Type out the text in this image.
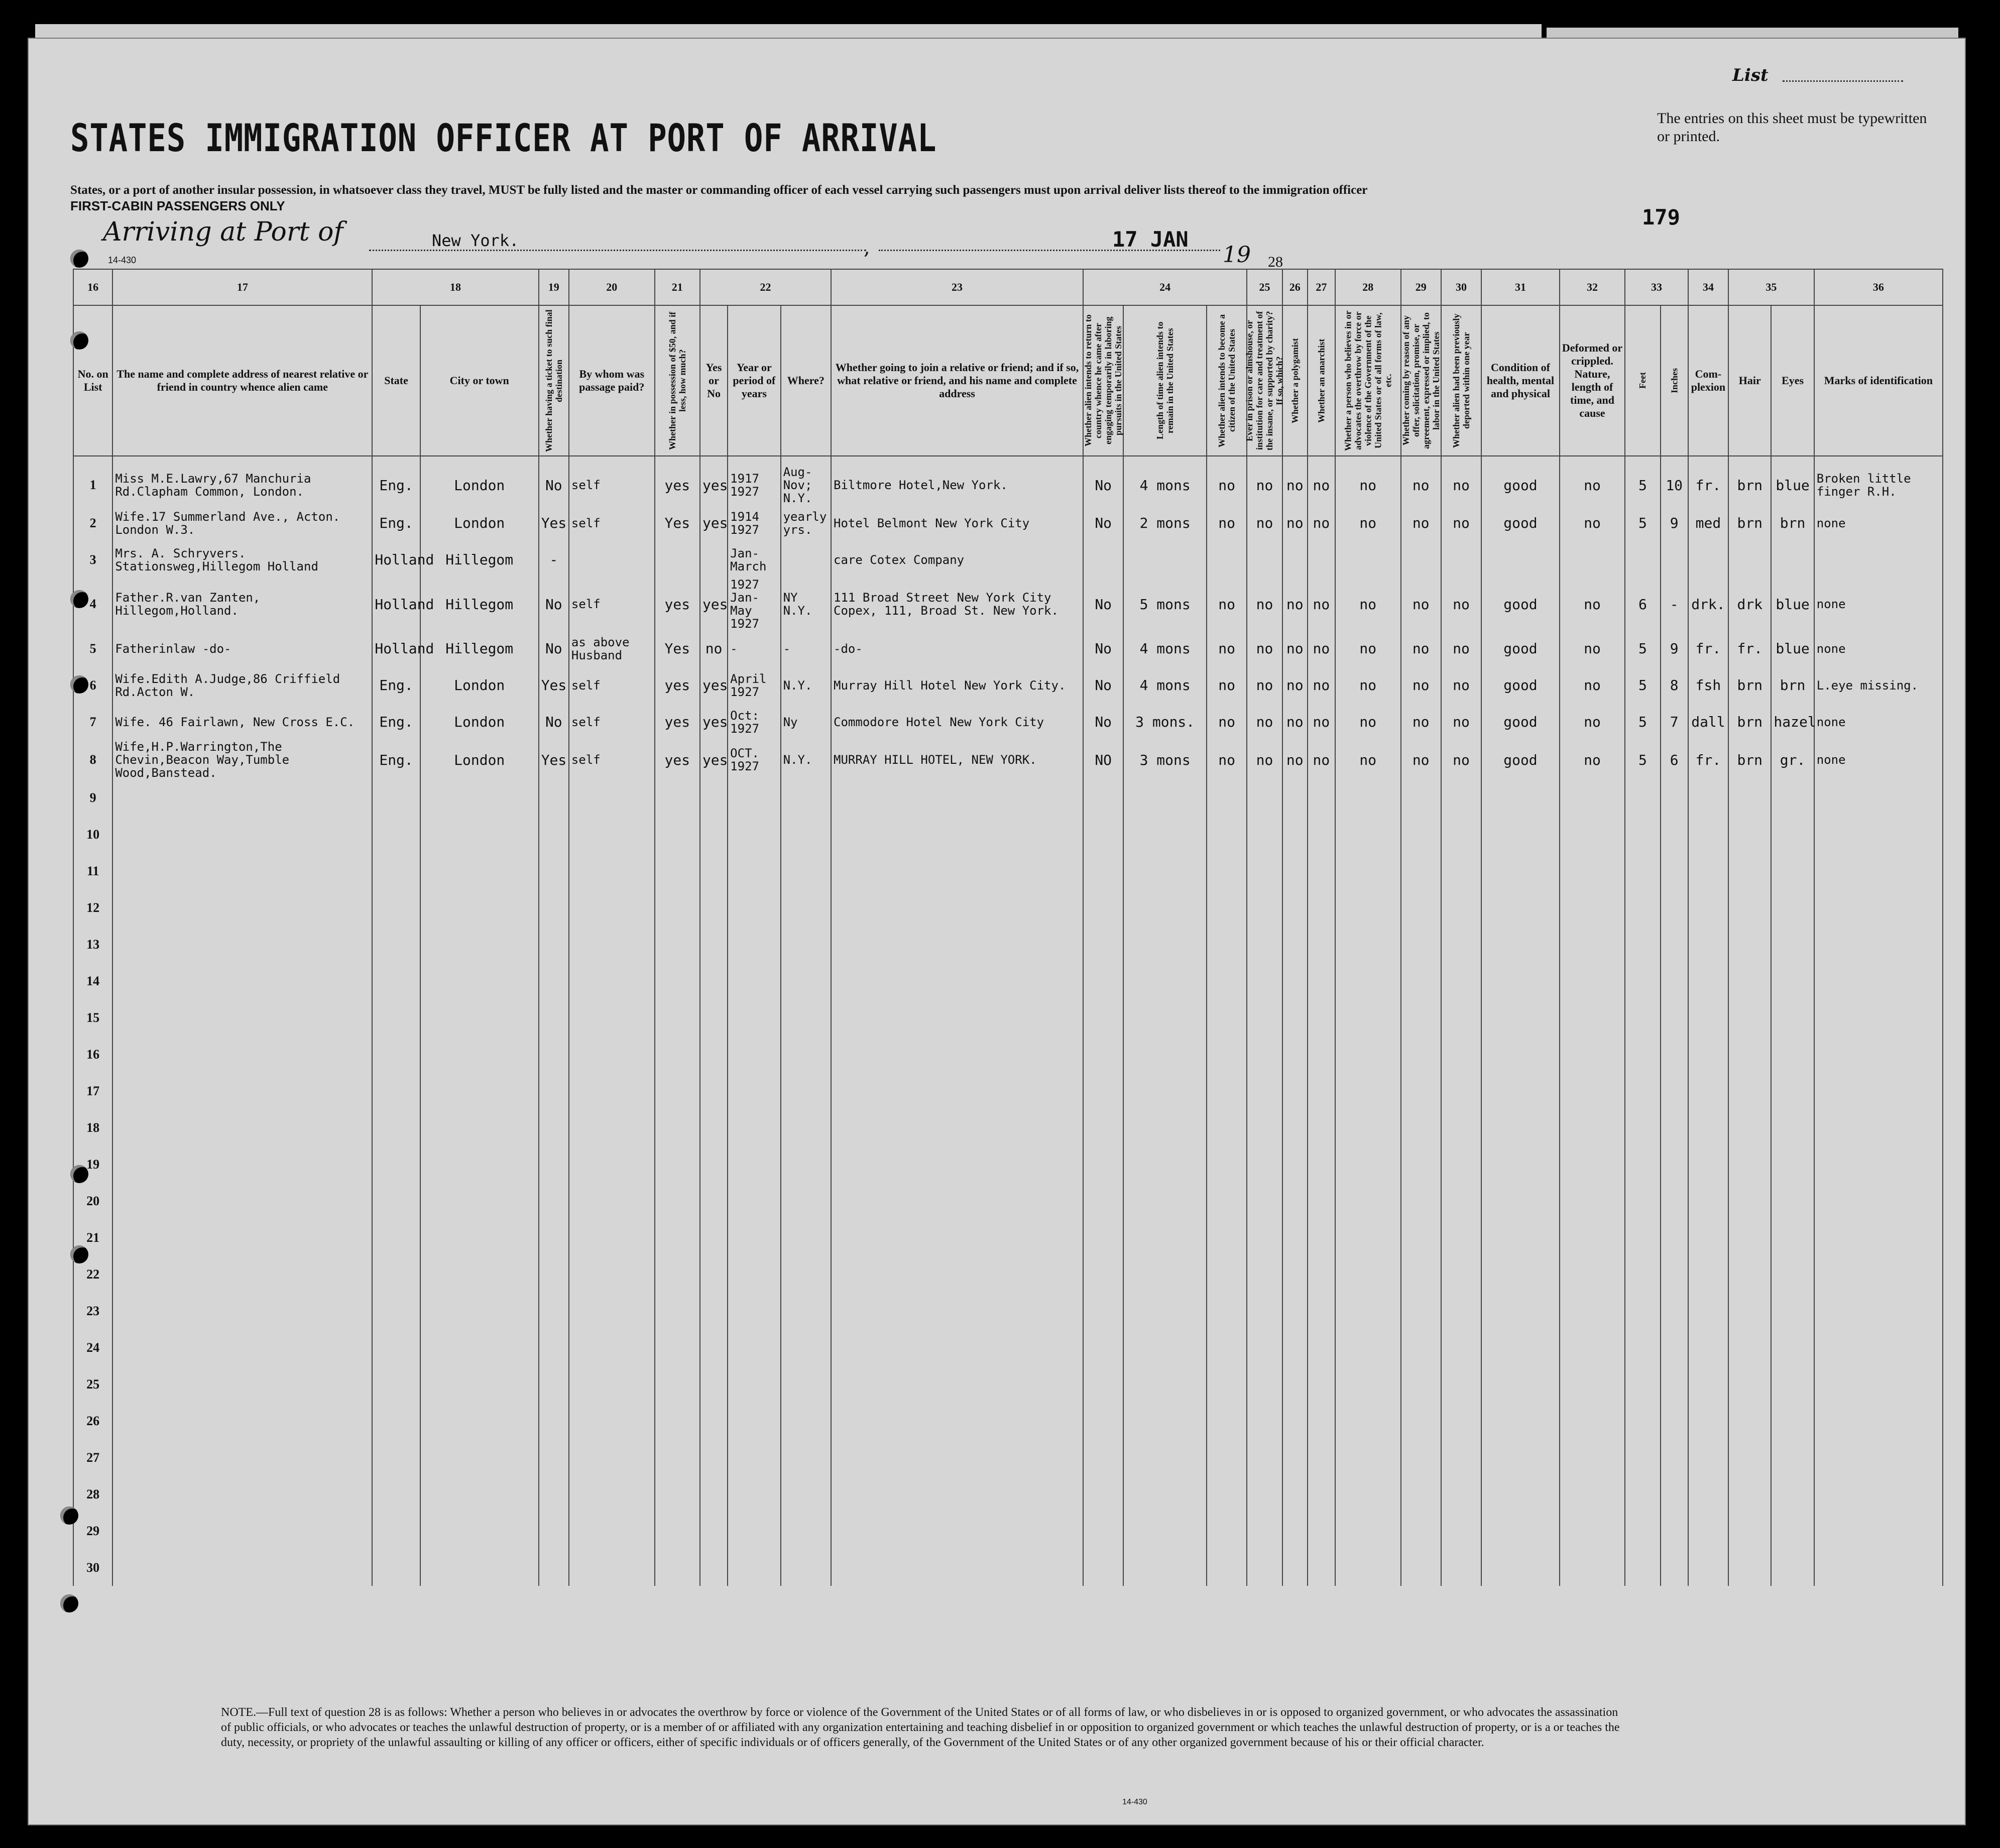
List
The entries on this sheet must be typewritten or printed.
179
STATES IMMIGRATION OFFICER AT PORT OF ARRIVAL
States, or a port of another insular possession, in whatsoever class they travel, MUST be fully listed and the master or commanding officer of each vessel carrying such passengers must upon arrival deliver lists thereof to the immigration officer
FIRST-CABIN PASSENGERS ONLY
Arriving at Port of	New York.	,	17 JAN
19 28
14-430
16	17	18		19	20	21	22			23	24			25	26	27	28	29	30	31	32	33		34	35		36
No. on List	The name and complete address of nearest relative or friend in country whence alien came	State	City or town	Whether having a ticket to such final destination	By whom was passage paid?	Whether in possession of $50, and if less, how much?	Yes or No	Year or period of years	Where?	Whether going to join a relative or friend; and if so, what relative or friend, and his name and complete address	Whether alien intends to return to country whence he came after engaging temporarily in laboring pursuits in the United States	Length of time alien intends to remain in the United States	Whether alien intends to become a citizen of the United States	Ever in prison or almshouse, or institution for care and treatment of the insane, or supported by charity? If so, which?	Whether a polygamist	Whether an anarchist	Whether a person who believes in or advocates the overthrow by force or violence of the Government of the United States or of all forms of law, etc.	Whether coming by reason of any offer, solicitation, promise, or agreement, expressed or implied, to labor in the United States	Whether alien had been previously deported within one year	Condition of health, mental and physical	Deformed or crippled. Nature, length of time, and cause	Feet	Inches	Com-plexion	Hair	Eyes	Marks of identification

1	Miss M.E.Lawry,67 Manchuria Rd.Clapham Common, London.	Eng.	London	No	self	yes	yes	1917 1927	Aug-Nov; N.Y.	Biltmore Hotel,New York.	No	4 mons	no	no	no	no	no	no	no	good	no	5	10	fr.	brn	blue	Broken little finger R.H.
2	Wife.17 Summerland Ave., Acton. London W.3.	Eng.	London	Yes	self	Yes	yes	1914 1927	yearly yrs.	Hotel Belmont New York City	No	2 mons	no	no	no	no	no	no	no	good	no	5	9	med	brn	brn	none
3	Mrs. A. Schryvers. Stationsweg,Hillegom Holland	Holland	Hillegom	-				Jan-March		care Cotex Company																	
4	Father.R.van Zanten, Hillegom,Holland.	Holland	Hillegom	No	self	yes	yes	1927 Jan-May 1927	NY N.Y.	111 Broad Street New York City Copex, 111, Broad St. New York.	No	5 mons	no	no	no	no	no	no	no	good	no	6	-	drk.	drk	blue	none
5	Fatherinlaw -do-	Holland	Hillegom	No	as above Husband	Yes	no	-	-	-do-	No	4 mons	no	no	no	no	no	no	no	good	no	5	9	fr.	fr.	blue	none
6	Wife.Edith A.Judge,86 Criffield Rd.Acton W.	Eng.	London	Yes	self	yes	yes	April 1927	N.Y.	Murray Hill Hotel New York City.	No	4 mons	no	no	no	no	no	no	no	good	no	5	8	fsh	brn	brn	L.eye missing.
7	Wife. 46 Fairlawn, New Cross E.C.	Eng.	London	No	self	yes	yes	Oct: 1927	Ny	Commodore Hotel New York City	No	3 mons.	no	no	no	no	no	no	no	good	no	5	7	dall	brn	hazel	none
8	Wife,H.P.Warrington,The Chevin,Beacon Way,Tumble Wood,Banstead.	Eng.	London	Yes	self	yes	yes	OCT. 1927	N.Y.	MURRAY HILL HOTEL, NEW YORK.	NO	3 mons	no	no	no	no	no	no	no	good	no	5	6	fr.	brn	gr.	none
9																											
10																											
11																											
12																											
13																											
14																											
15																											
16																											
17																											
18																											
19																											
20																											
21																											
22																											
23																											
24																											
25																											
26																											
27																											
28																											
29																											
30																											
NOTE.—Full text of question 28 is as follows: Whether a person who believes in or advocates the overthrow by force or violence of the Government of the United States or of all forms of law, or who disbelieves in or is opposed to organized government, or who advocates the assassination of public officials, or who advocates or teaches the unlawful destruction of property, or is a member of or affiliated with any organization entertaining and teaching disbelief in or opposition to organized government or which teaches the unlawful destruction of property, or is a or teaches the duty, necessity, or propriety of the unlawful assaulting or killing of any officer or officers, either of specific individuals or of officers generally, of the Government of the United States or of any other organized government because of his or their official character.
14-430
